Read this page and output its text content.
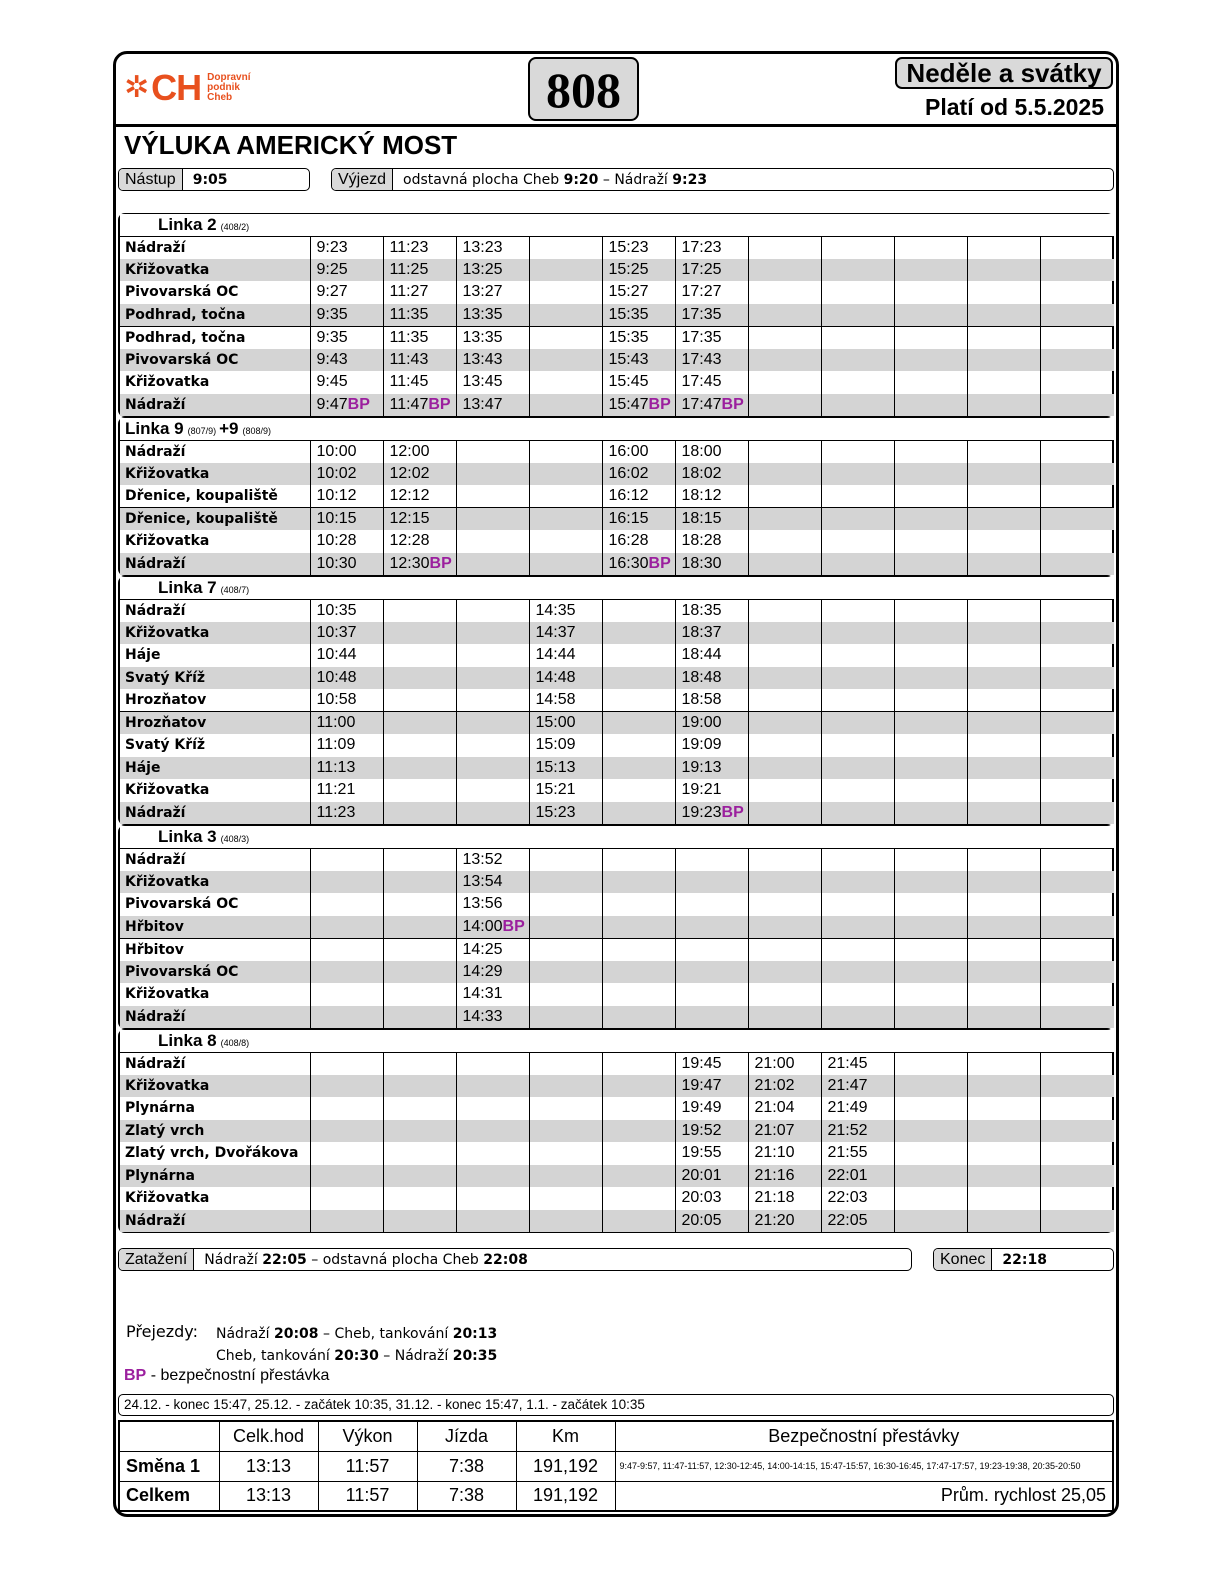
✲ CH Dopravní
podnik
Cheb	808	Neděle a svátky
Platí od 5.5.2025
VÝLUKA AMERICKÝ MOST
Nástup	9:05	Výjezd	odstavná plocha Cheb 9:20 – Nádraží 9:23
Linka 2 (408/2)											
Nádraží	9:23	11:23	13:23		15:23	17:23					
Křižovatka	9:25	11:25	13:25		15:25	17:25					
Pivovarská OC	9:27	11:27	13:27		15:27	17:27					
Podhrad, točna	9:35	11:35	13:35		15:35	17:35					
Podhrad, točna	9:35	11:35	13:35		15:35	17:35					
Pivovarská OC	9:43	11:43	13:43		15:43	17:43					
Křižovatka	9:45	11:45	13:45		15:45	17:45					
Nádraží	9:47BP	11:47BP	13:47		15:47BP	17:47BP					
Linka 9 (807/9) +9 (808/9)											
Nádraží	10:00	12:00			16:00	18:00					
Křižovatka	10:02	12:02			16:02	18:02					
Dřenice, koupaliště	10:12	12:12			16:12	18:12					
Dřenice, koupaliště	10:15	12:15			16:15	18:15					
Křižovatka	10:28	12:28			16:28	18:28					
Nádraží	10:30	12:30BP			16:30BP	18:30					
Linka 7 (408/7)											
Nádraží	10:35			14:35		18:35					
Křižovatka	10:37			14:37		18:37					
Háje	10:44			14:44		18:44					
Svatý Kříž	10:48			14:48		18:48					
Hrozňatov	10:58			14:58		18:58					
Hrozňatov	11:00			15:00		19:00					
Svatý Kříž	11:09			15:09		19:09					
Háje	11:13			15:13		19:13					
Křižovatka	11:21			15:21		19:21					
Nádraží	11:23			15:23		19:23BP					
Linka 3 (408/3)											
Nádraží			13:52								
Křižovatka			13:54								
Pivovarská OC			13:56								
Hřbitov			14:00BP								
Hřbitov			14:25								
Pivovarská OC			14:29								
Křižovatka			14:31								
Nádraží			14:33								
Linka 8 (408/8)											
Nádraží						19:45	21:00	21:45			
Křižovatka						19:47	21:02	21:47			
Plynárna						19:49	21:04	21:49			
Zlatý vrch						19:52	21:07	21:52			
Zlatý vrch, Dvořákova						19:55	21:10	21:55			
Plynárna						20:01	21:16	22:01			
Křižovatka						20:03	21:18	22:03			
Nádraží						20:05	21:20	22:05			
Zatažení	Nádraží 22:05 – odstavná plocha Cheb 22:08	Konec	22:18
Přejezdy: Nádraží 20:08 – Cheb, tankování 20:13
Cheb, tankování 20:30 – Nádraží 20:35
BP - bezpečnostní přestávka
24.12. - konec 15:47, 25.12. - začátek 10:35, 31.12. - konec 15:47, 1.1. - začátek 10:35
	Celk.hod	Výkon	Jízda	Km	Bezpečnostní přestávky
Směna 1	13:13	11:57	7:38	191,192	9:47-9:57, 11:47-11:57, 12:30-12:45, 14:00-14:15, 15:47-15:57, 16:30-16:45, 17:47-17:57, 19:23-19:38, 20:35-20:50
Celkem	13:13	11:57	7:38	191,192	Prům. rychlost 25,05
